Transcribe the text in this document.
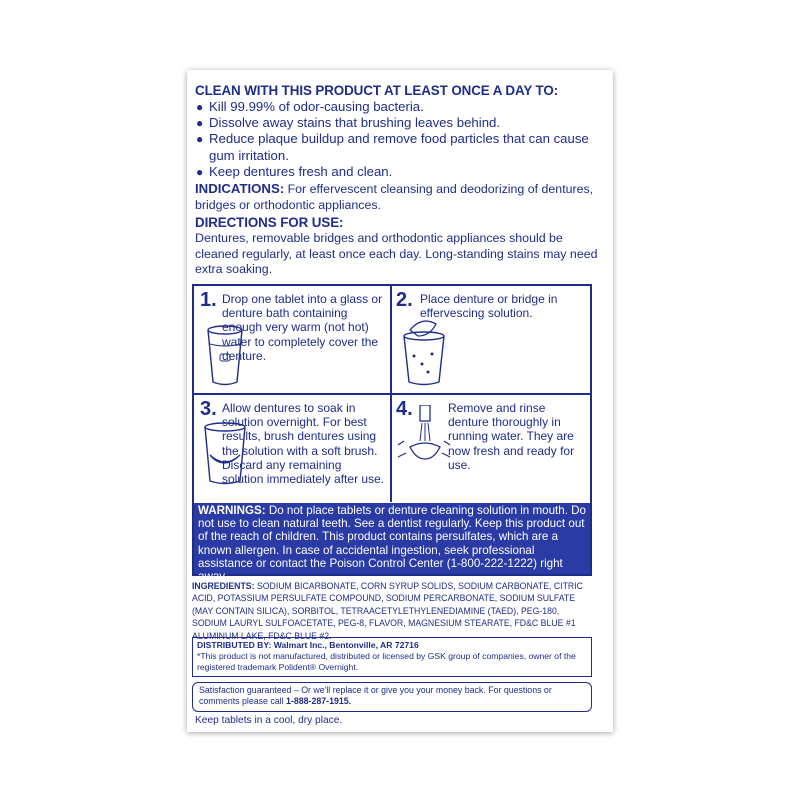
CLEAN WITH THIS PRODUCT AT LEAST ONCE A DAY TO:
● Kill 99.99% of odor-causing bacteria.
● Dissolve away stains that brushing leaves behind.
● Reduce plaque buildup and remove food particles that can cause gum irritation.
● Keep dentures fresh and clean.
INDICATIONS: For effervescent cleansing and deodorizing of dentures, bridges or orthodontic appliances.
DIRECTIONS FOR USE:
Dentures, removable bridges and orthodontic appliances should be cleaned regularly, at least once each day. Long-standing stains may need extra soaking.
1. Drop one tablet into a glass or denture bath containing enough very warm (not hot) water to completely cover the denture.
2. Place denture or bridge in effervescing solution.
3. Allow dentures to soak in solution overnight. For best results, brush dentures using the solution with a soft brush. Discard any remaining solution immediately after use.
4.	Remove and rinse denture thoroughly in running water. They are now fresh and ready for use.
WARNINGS: Do not place tablets or denture cleaning solution in mouth. Do not use to clean natural teeth. See a dentist regularly. Keep this product out of the reach of children. This product contains persulfates, which are a known allergen. In case of accidental ingestion, seek professional assistance or contact the Poison Control Center (1-800-222-1222) right away.
INGREDIENTS: SODIUM BICARBONATE, CORN SYRUP SOLIDS, SODIUM CARBONATE, CITRIC ACID, POTASSIUM PERSULFATE COMPOUND, SODIUM PERCARBONATE, SODIUM SULFATE (MAY CONTAIN SILICA), SORBITOL, TETRAACETYLETHYLENEDIAMINE (TAED), PEG-180, SODIUM LAURYL SULFOACETATE, PEG-8, FLAVOR, MAGNESIUM STEARATE, FD&C BLUE #1 ALUMINUM LAKE, FD&C BLUE #2.
DISTRIBUTED BY: Walmart Inc., Bentonville, AR 72716
*This product is not manufactured, distributed or licensed by GSK group of companies, owner of the registered trademark Polident® Overnight.
Satisfaction guaranteed – Or we'll replace it or give you your money back. For questions or comments please call 1-888-287-1915.
Keep tablets in a cool, dry place.
